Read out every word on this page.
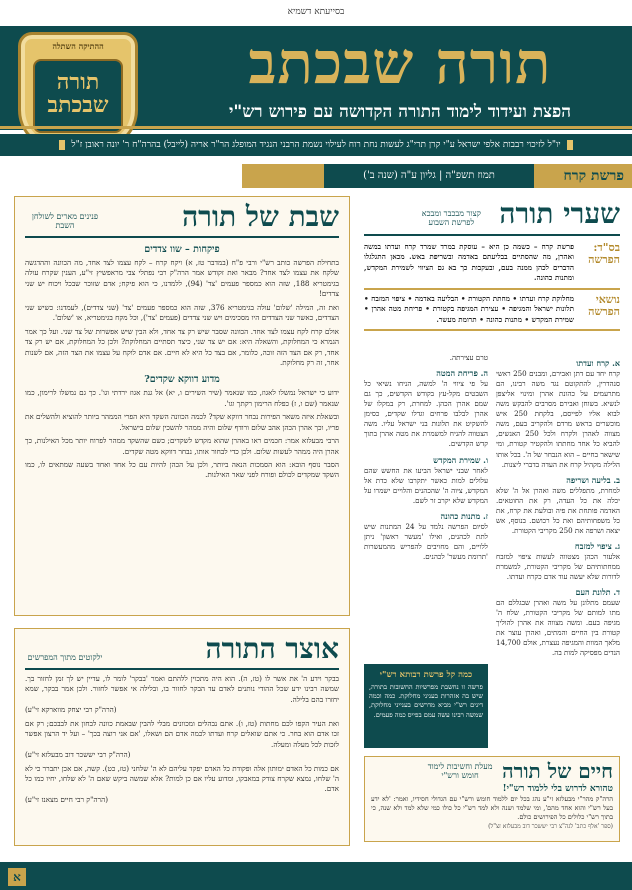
בסייעתא דשמיא
תורה שבכתב
הפצת ועידוד לימוד התורה הקדושה עם פירוש רש"י
ההתיקה השתלה
תורה
שבכתב
יו"ל לזיכוי רבבות אלפי ישראל ע"י קרן תרי"ג לעשות נחת רוח לעילוי נשמת הרבני הנגיד המופלג הר"ר אריה (לייבל) בהרה"ח ר' יונה ראובן ז"ל
פרשת קרח
תמוז תשפ"ה | גליון ע"ה (שנה ב')
שערי תורה
קצור מבכבר ומבכא לפרשת השבוע
בס"ד: הפרשה
פרשת קרח – כשמה כן היא – עוסקת במרד שמרד קרח ועדתו במשה ואהרן, מה שהסתיים בבליעתם באדמה ובשריפת באש. מכאן התגלגלו הדברים לכהן ממנה בעם, ובעקבות כך בא גם הציווי לשמירת המקדש, ומתנות כהונה.
נושאי הפרשה
מחלוקת קרח ועדתו • מחתת הקטורת • הבליעה באדמה • ציפוי המזבח • תלונות ישראל והמגיפה • עצירת המגיפה בקטורת • פריחת מטה אהרן • שמירת המקדש • מתנות כהונה • תרומת מעשר.
א. קרח ועדתו
קרח יחד עם דתן ואבירם, ומבנים 250 ראשי סנהדרין, להתקוטם נגד משה רבינו, הם מתרעמים על כהונת אהרן ומינוי אליצפן לנשיא. בשוחן ואבירם מסרבים להבקש משה לבוא אליו לפייסם, בלקחת 250 איש מוכשרים בראש מרדם ולהקריב בעם, משה מצווה לאהרן ולקרח ולכל 250 האנשים, להביא כל אחד מחתתו ולהקטיר קטורת, ומי שישאר בחיים – הוא הנבחר של ה'. בכל אותו הלילה מקהיל קרח את העדה בדברי ליצנות.
ב. בליעה ושריפה
למחרת, מתפללים משה ואהרן אל ה' שלא יכלה את כל העדה, רק את החוטאים. האדמה פותחת את פיה ובולעת את קרח, את כל משפחותיהם ואת כל רכושם. בנוסף, אש יצאה ושרפה את 250 מקריבי הקטורת.
ג. ציפוי למזבח
אלעזר הכהן מצטווה לעשות ציפוי למזבח ממחתותיהם של מקריבי הקטורת, למשמרת לדורות שלא יעשה עוד אדם כקרח ועדתו.
ד. תלונת העם
שעמם מתלונן על משה ואהרן שבגללם הם מתו למותם של מקריבי הקטורת, שלח ה' מגיפה בעם. ומשה מצווה את אהרן להוליך קטורת בין החיים והמתים, ואהרן עוצר את מלאך המוות והמגיפה נעצרת, אולם 14,700 הנדים מפסיקה למות בה.
טרם עצירתה.
ה. פריחת המטה
על פי ציווי ה' למשה, הניחו נשיאי כל השבטים מקל-עץ בקודש הקדשים, כך גם שמם אהרן הכהן. למחרת, רק במקלו של אהרן לבלבו פרחים וגדלו שקדים, כסימן להשקיט את תלונות בני ישראל עליו. משה הצטווה להניח למשמרת את מטה אהרן בתוך קדש הקדשים.
ו. שמירת המקדש
לאחר שבני ישראל הביעו את החשש שהם עלולים למות כאשר יתקרבו שלא כדת אל המקדש, ציוה ה' שהכהנים והלויים ישמרו על המקדש שלא יקרב זר לשם.
ז. מתנות כהונה
לסיום הפרשה נלמד על 24 המתנות שיש לתת לכהנים, ואילו 'מעשר ראשון' ניתן ללויים, והם מחויבים להפריש מהמעשרות 'תרומת מעשר' לכהנים.
כמה קל פרשת רבותא רש"י
פרשה זו נחשבת מפרשיות החשובות בתורה, שיש בה אזהרות בעניני מחלוקת. כמה וכמה דינים רש"י מביא מדרשים בענייני מחלוקת, שמשה רבינו עשה עמם בפייס כמה פעמים.
חיים של תורה
מעלת וחשיבות לימוד חומש ורש"י
טהורא לדרוש בלי ללמוד רש"י!
הרה"ק מהר"י מבעלזא זי"ע נהג בכל יום ללמוד חומש ורש"י עם הגדולי חסידיו, ואמר: 'לא ידע בעל רש"י והוא אחד מהם', ומי שלמד ושנה ולא למד רש"י כל כולו כמי שלא למד ולא שנה, כי בתוך רש"י כלולים כל הפירושים כולם.
(ספר 'אלף כתב' לגה"צ רבי יששכר דוב מבעלזא זצ"ל)
שבת של תורה
פנינים מארים לשולחן השבת
פיקחות – שוו צדדים
בתחילת הפרשה כותב רש"י ורבי פ"ח (במדבר טז, א) ויקח קרח – לקח עצמו לצד אחד, מה הכוונה וההדגשה שלקח את עצמו לצד אחד? מבאר ואת זקודש אמר הרה"ק רבי נפתלי צבי מראפשיץ זי"ע, הענין שקרח עולה בגימטריא 188, שזה הוא כמספר פעמים 'צד' (94), ללמדנו, כי הוא פיקח; אדם שזוכר שבכל ויכוח יש שני צדדים!
ואת זה, המילה 'שלום' עולה בגימטריא 376, שזה הוא כמספר פעמים 'צד' (שני צדדים), לעמדנו: כשיש שני הצדדים, כאשר שני הצדדים היו מסכימים ויש שני צדדים (פעמים 'צד'), וכל מקח בגימטריא, או 'שלום'.
אולם קרח לקח עצמו לצד אחד. הכוונה שסבר שיש רק צד אחד, ולא הבין שיש אפשרות של צד שני. ועל כך אמר הגמרא כי המחלוקת, והשאלה היא: אם יש צד שני, כיצד תסתיים המחלוקת? ולכן כל המחלוקת, אם יש רק צד אחד, רק אם הצד הזה זוכה, כלומר, אם בצד כל היא לא חיים. אם אדם לוקח על עצמו את הצד הזה, אם לשנות אחר, זה רק מחלוקת.
מדוע דווקא שקדים?
ידוע כי ישראל נמשלו לאגוז, כמו שנאמר (שיר השירים ו, יא) אל גנת אגוז ירדתי וגו'. כך גם נמשלו לרימון, כמו שנאמר (שם ו, ז) כפלח הרימון רקתך וגו'.
ובשאלת איזה משאר הפירות נבחר דווקא שקד? לכמה הכוונה השקד היא הפרי הממהר ביותר להוציא ולהשלים את פריו, וכך אהרן הכהן אהב שלום ורודף שלום והיה ממהר להשכין שלום בישראל.
הרבי מבעלזא אמר: חכמים ראו באהרן שהוא מקדש לשקדים; כשם שהשקד ממהר לפרוח יותר מכל האילנות, כך אהרן היה ממהר לעשות שלום. ולכן כדי לבחור אותו, נבחר דווקא מטה שקדים.
הסבר נוסף הובא: הוא הסמכות הנאה ביותר, ולכן על הכהן להיות עם כל אחד ואחד בשעה שמתאים לו, כמו השקד שמקדים לכולם ופורח לפני שאר האילנות.
אוצר התורה
ילקוטים מתוך המפרשים
בבקר וידע ה' את אשר לו (טז, ה). הוא היה מתכוין ללהתם ואמר 'בבקר' לומר לו, עדיין יש לך זמן לחזור בך. שמשה רבינו ידע שכל ההודי נותנים לאדם עד הבקר לחזור בו, ובלילה אי אפשר לחזור. ולכן אמר בבקר, שמא יחזרו בהם בלילה.
(הרה"ק רבי יצחק מווארקא זי"ע)
ואת העיר הקפו לכם מחתות (טז, ו). אתם נבהלים ומכוונים מבלי להבין שבאמת כוונה לבחון את לבבכם; רק אם זכו אדם הוא בחר. כי אתם שואלים קרח ועדתו לכמה אדם הם ושאלו, 'אם אני רוצה בכך' – ועל יד הרצון אפשר לזכות לכל מעלה ומעלה.
(הרה"ק רבי יששכר דוב מבעלזא זי"ע)
אם כמות כל האדם ימותון אלה ופקודת כל האדם יפקד עליהם לא ה' שלחני (טז, כט). קשה, אם אכן יתברר כי לא ה' שלחו, נמצא שקרח צודק במאבקו, ומדוע עליו אם כן למות? אלא שמשה ביקש שאם ה' לא שלחו, יחיו כמו כל אדם.
(הרה"ק רבי חיים מצאנז זי"ע)
א
